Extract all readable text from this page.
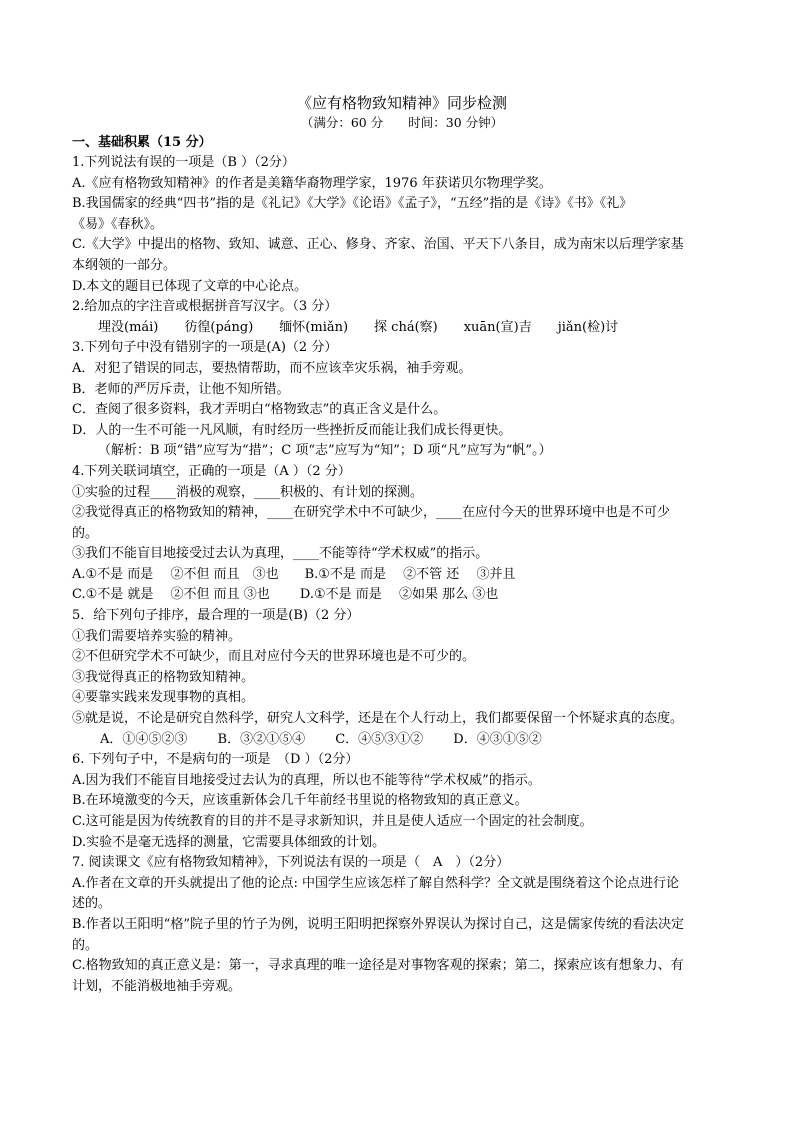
《应有格物致知精神》同步检测

（满分：60 分　　时间：30 分钟）

一、基础积累（15 分）

1.下列说法有误的一项是（B ）（2分）

A.《应有格物致知精神》的作者是美籍华裔物理学家，1976 年获诺贝尔物理学奖。

B.我国儒家的经典“四书”指的是《礼记》《大学》《论语》《孟子》，“五经”指的是《诗》《书》《礼》

《易》《春秋》。

C.《大学》中提出的格物、致知、诚意、正心、修身、齐家、治国、平天下八条目，成为南宋以后理学家基

本纲领的一部分。

D.本文的题目已体现了文章的中心论点。

2.给加点的字注音或根据拼音写汉字。（3 分）

埋没(mái)　　彷徨(páng)　　缅怀(miǎn)　　探 chá(察)　　xuān(宣)吉　　jiǎn(检)讨

3.下列句子中没有错别字的一项是(A)（2 分）

A．对犯了错误的同志，要热情帮助，而不应该幸灾乐祸，袖手旁观。

B．老师的严厉斥责，让他不知所错。

C．查阅了很多资料，我才弄明白“格物致志”的真正含义是什么。

D．人的一生不可能一凡风顺，有时经历一些挫折反而能让我们成长得更快。

（解析：B 项“错”应写为“措”；C 项“志”应写为“知”；D 项“凡”应写为“帆”。）

4.下列关联词填空，正确的一项是（A ）（2 分）

①实验的过程____消极的观察，____积极的、有计划的探测。

②我觉得真正的格物致知的精神，____在研究学术中不可缺少，____在应付今天的世界环境中也是不可少

的。

③我们不能盲目地接受过去认为真理，____不能等待“学术权威”的指示。

A.①不是 而是　 ②不但 而且　③也　　B.①不是 而是　 ②不管 还　 ③并且

C.①不是 就是　 ②不但 而且 ③也　　 D.①不是 而是　 ②如果 那么 ③也

5．给下列句子排序，最合理的一项是(B)（2 分）

①我们需要培养实验的精神。

②不但研究学术不可缺少，而且对应付今天的世界环境也是不可少的。

③我觉得真正的格物致知精神。

④要靠实践来发现事物的真相。

⑤就是说，不论是研究自然科学，研究人文科学，还是在个人行动上，我们都要保留一个怀疑求真的态度。

A．①④⑤②③　　 B．③②①⑤④　　 C．④⑤③①②　　 D．④③①⑤②

6. 下列句子中，不是病句的一项是　（D ）（2分）

A.因为我们不能盲目地接受过去认为的真理，所以也不能等待“学术权威”的指示。

B.在环境激变的今天，应该重新体会几千年前经书里说的格物致知的真正意义。

C.这可能是因为传统教育的目的并不是寻求新知识，并且是使人适应一个固定的社会制度。

D.实验不是毫无选择的测量，它需要具体细致的计划。

7. 阅读课文《应有格物致知精神》，下列说法有误的一项是（　A　）（2分）

A.作者在文章的开头就提出了他的论点: 中国学生应该怎样了解自然科学？全文就是围绕着这个论点进行论

述的。

B.作者以王阳明“格”院子里的竹子为例，说明王阳明把探察外界误认为探讨自己，这是儒家传统的看法决定

的。

C.格物致知的真正意义是：第一，寻求真理的唯一途径是对事物客观的探索；第二，探索应该有想象力、有

计划，不能消极地袖手旁观。
